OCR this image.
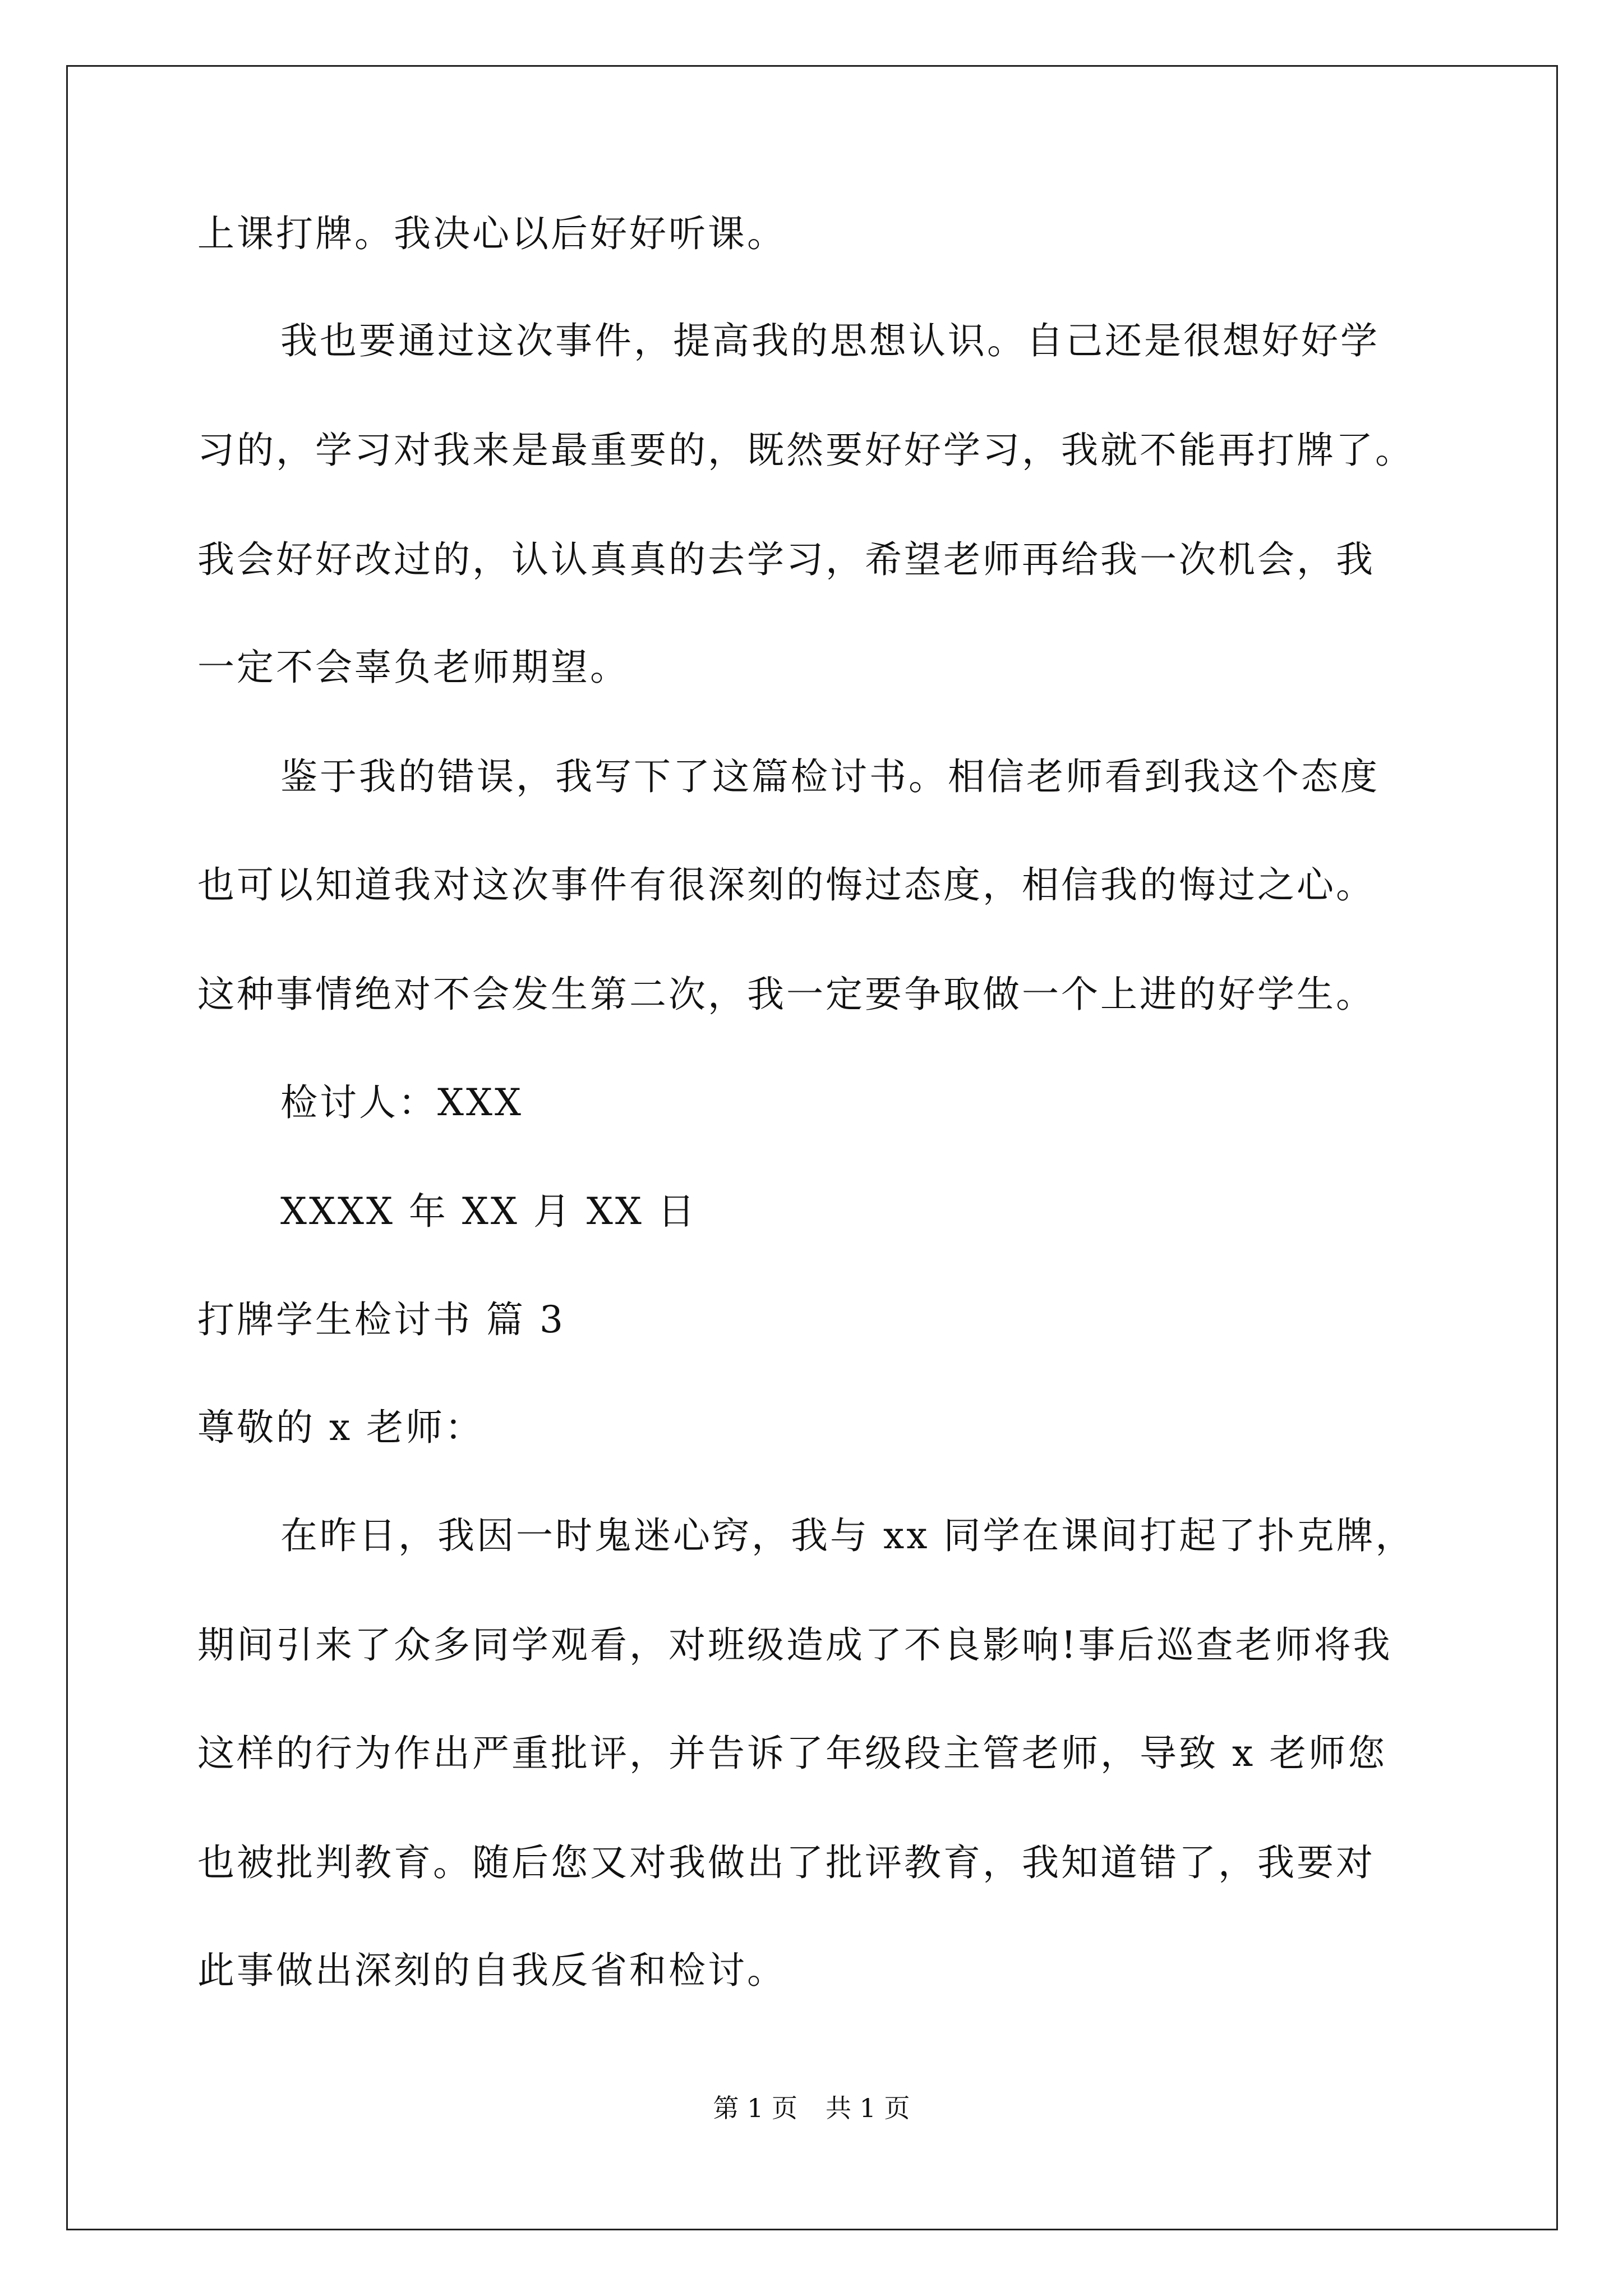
上课打牌。我决心以后好好听课。
我也要通过这次事件，提高我的思想认识。自己还是很想好好学
习的，学习对我来是最重要的，既然要好好学习，我就不能再打牌了。
我会好好改过的，认认真真的去学习，希望老师再给我一次机会，我
一定不会辜负老师期望。
鉴于我的错误，我写下了这篇检讨书。相信老师看到我这个态度
也可以知道我对这次事件有很深刻的悔过态度，相信我的悔过之心。
这种事情绝对不会发生第二次，我一定要争取做一个上进的好学生。
检讨人：XXX
XXXX 年 XX 月 XX 日
打牌学生检讨书 篇 3
尊敬的 x 老师：
在昨日，我因一时鬼迷心窍，我与 xx 同学在课间打起了扑克牌，
期间引来了众多同学观看，对班级造成了不良影响!事后巡查老师将我
这样的行为作出严重批评，并告诉了年级段主管老师，导致 x 老师您
也被批判教育。随后您又对我做出了批评教育，我知道错了，我要对
此事做出深刻的自我反省和检讨。
第 1 页 共 1 页
